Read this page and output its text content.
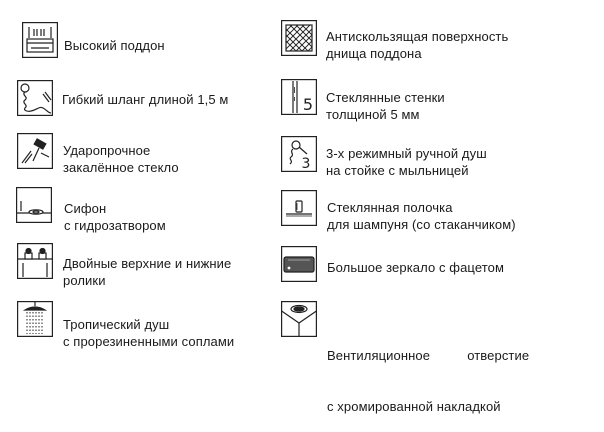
Высокий поддон
Гибкий шланг длиной 1,5 м
Ударопрочное
закалённое стекло
Сифон
с гидрозатвором
Двойные верхние и нижние
ролики
Тропический душ
с прорезиненными соплами
Антискользящая поверхность
днища поддона
5 Стеклянные стенки
толщиной 5 мм
3
3-х режимный ручной душ
на стойке с мыльницей
Стеклянная полочка
для шампуня (со стаканчиком)
Большое зеркало с фацетом

Вентиляционное          отверстие

с хромированной накладкой
